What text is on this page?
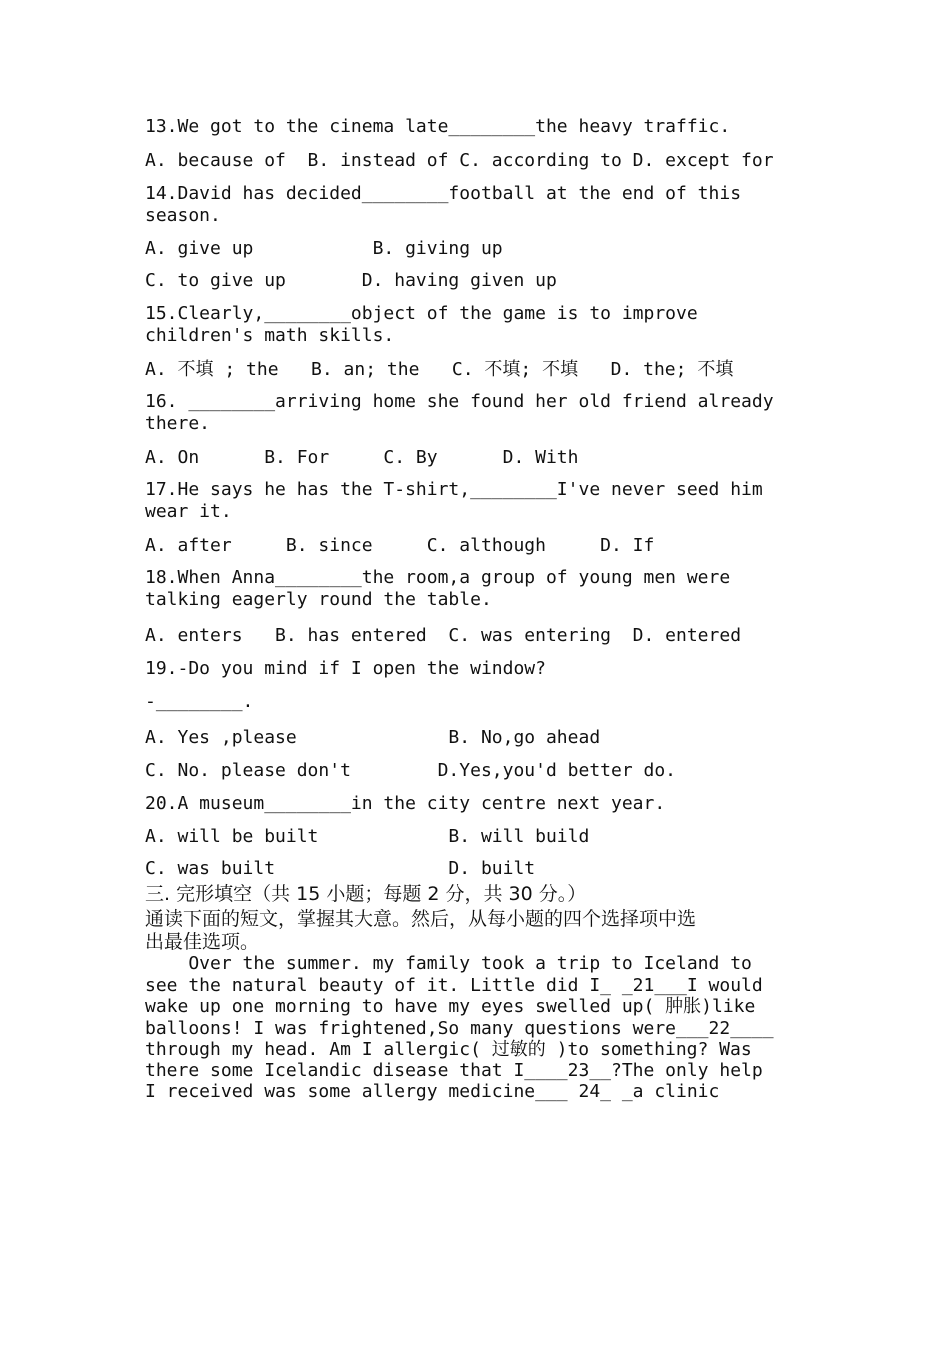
13.We got to the cinema late________the heavy traffic.

A. because of  B. instead of C. according to D. except for

14.David has decided________football at the end of this

season.

A. give up           B. giving up

C. to give up       D. having given up

15.Clearly,________object of the game is to improve

children's math skills.

A. 不填 ; the   B. an; the   C. 不填; 不填   D. the; 不填

16. ________arriving home she found her old friend already

there.

A. On      B. For     C. By      D. With

17.He says he has the T-shirt,________I've never seed him

wear it.

A. after     B. since     C. although     D. If

18.When Anna________the room,a group of young men were

talking eagerly round the table.

A. enters   B. has entered  C. was entering  D. entered

19.-Do you mind if I open the window?

-________.

A. Yes ,please              B. No,go ahead

C. No. please don't        D.Yes,you'd better do.

20.A museum________in the city centre next year.

A. will be built            B. will build

C. was built                D. built

三. 完形填空（共 15 小题；每题 2 分，共 30 分。）

通读下面的短文，掌握其大意。然后，从每小题的四个选择项中选

出最佳选项。

Over the summer. my family took a trip to Iceland to

see the natural beauty of it. Little did I_ _21___I would

wake up one morning to have my eyes swelled up( 肿胀)like

balloons! I was frightened,So many questions were___22____

through my head. Am I allergic( 过敏的 )to something? Was

there some Icelandic disease that I____23__?The only help

I received was some allergy medicine___ 24_ _a clinic
